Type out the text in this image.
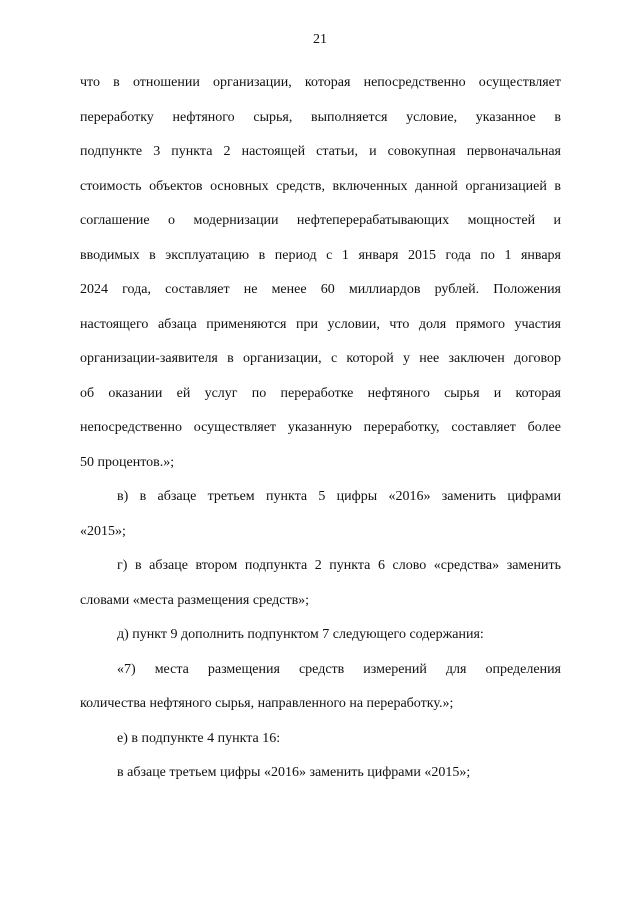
21

что в отношении организации, которая непосредственно осуществляет

переработку нефтяного сырья, выполняется условие, указанное в

подпункте 3 пункта 2 настоящей статьи, и совокупная первоначальная

стоимость объектов основных средств, включенных данной организацией в

соглашение о модернизации нефтеперерабатывающих мощностей и

вводимых в эксплуатацию в период с 1 января 2015 года по 1 января

2024 года, составляет не менее 60 миллиардов рублей. Положения

настоящего абзаца применяются при условии, что доля прямого участия

организации-заявителя в организации, с которой у нее заключен договор

об оказании ей услуг по переработке нефтяного сырья и которая

непосредственно осуществляет указанную переработку, составляет более

50 процентов.»;

в) в абзаце третьем пункта 5 цифры «2016» заменить цифрами

«2015»;

г) в абзаце втором подпункта 2 пункта 6 слово «средства» заменить

словами «места размещения средств»;

д) пункт 9 дополнить подпунктом 7 следующего содержания:

«7) места размещения средств измерений для определения

количества нефтяного сырья, направленного на переработку.»;

е) в подпункте 4 пункта 16:

в абзаце третьем цифры «2016» заменить цифрами «2015»;
